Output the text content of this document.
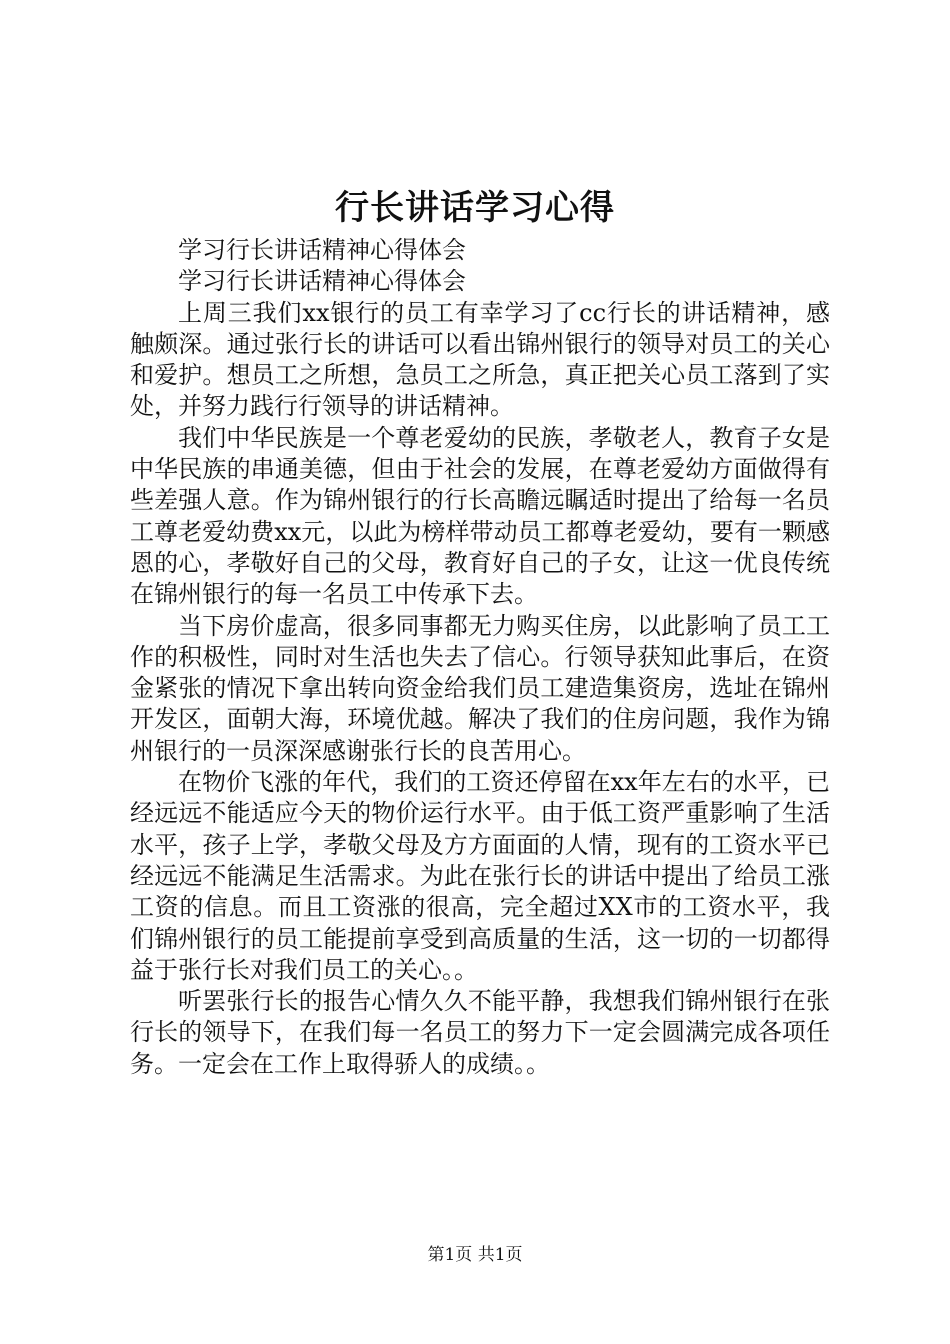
行长讲话学习心得

学习行长讲话精神心得体会

学习行长讲话精神心得体会

上周三我们xx银行的员工有幸学习了cc行长的讲话精神，感触颇深。通过张行长的讲话可以看出锦州银行的领导对员工的关心和爱护。想员工之所想，急员工之所急，真正把关心员工落到了实处，并努力践行行领导的讲话精神。

我们中华民族是一个尊老爱幼的民族，孝敬老人，教育子女是中华民族的串通美德，但由于社会的发展，在尊老爱幼方面做得有些差强人意。作为锦州银行的行长高瞻远瞩适时提出了给每一名员工尊老爱幼费xx元，以此为榜样带动员工都尊老爱幼，要有一颗感恩的心，孝敬好自己的父母，教育好自己的子女，让这一优良传统在锦州银行的每一名员工中传承下去。

当下房价虚高，很多同事都无力购买住房，以此影响了员工工作的积极性，同时对生活也失去了信心。行领导获知此事后，在资金紧张的情况下拿出转向资金给我们员工建造集资房，选址在锦州开发区，面朝大海，环境优越。解决了我们的住房问题，我作为锦州银行的一员深深感谢张行长的良苦用心。

在物价飞涨的年代，我们的工资还停留在xx年左右的水平，已经远远不能适应今天的物价运行水平。由于低工资严重影响了生活水平，孩子上学，孝敬父母及方方面面的人情，现有的工资水平已经远远不能满足生活需求。为此在张行长的讲话中提出了给员工涨工资的信息。而且工资涨的很高，完全超过XX市的工资水平，我们锦州银行的员工能提前享受到高质量的生活，这一切的一切都得益于张行长对我们员工的关心。。

听罢张行长的报告心情久久不能平静，我想我们锦州银行在张行长的领导下，在我们每一名员工的努力下一定会圆满完成各项任务。一定会在工作上取得骄人的成绩。。

第1页 共1页
